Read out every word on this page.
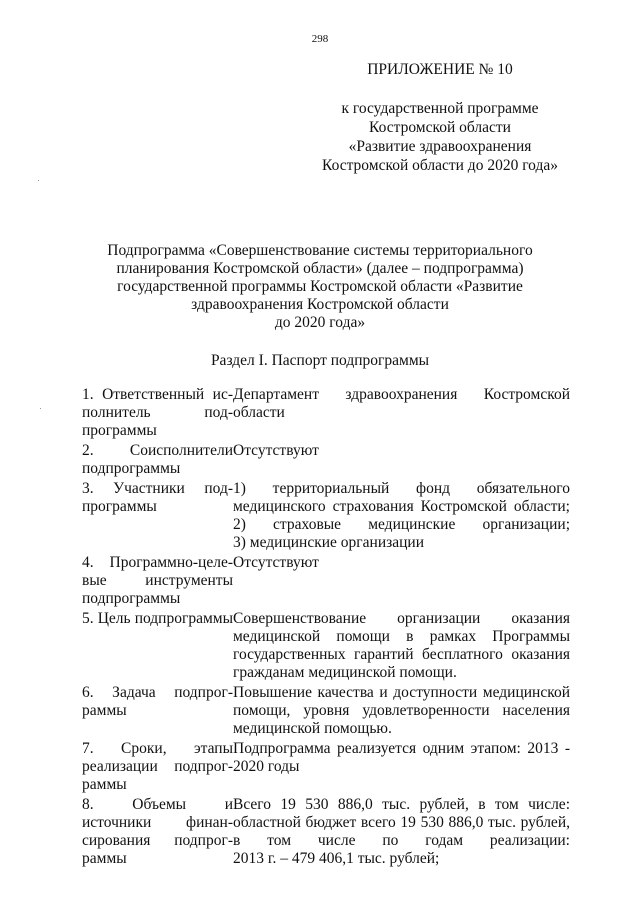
298
ПРИЛОЖЕНИЕ № 10
к государственной программе
Костромской области
«Развитие здравоохранения
Костромской области до 2020 года»
Подпрограмма «Совершенствование системы территориального
планирования Костромской области» (далее – подпрограмма)
государственной программы Костромской области «Развитие
здравоохранения Костромской области
до 2020 года»
Раздел I. Паспорт подпрограммы
1. Ответственный ис-
полнитель под-
программы
Департамент здравоохранения Костромской
области
2. Соисполнители
подпрограммы
Отсутствуют
3. Участники под-
программы
1) территориальный фонд обязательного
медицинского страхования Костромской области;
2) страховые медицинские организации;
3) медицинские организации
4. Программно-целе-
вые инструменты
подпрограммы
Отсутствуют
5. Цель подпрограммы Совершенствование организации оказания
медицинской помощи в рамках Программы
государственных гарантий бесплатного оказания
гражданам медицинской помощи.
6. Задача подпрог-
раммы
Повышение качества и доступности медицинской
помощи, уровня удовлетворенности населения
медицинской помощью.
7. Сроки, этапы
реализации подпрог-
раммы
Подпрограмма реализуется одним этапом: 2013 -
2020 годы
8. Объемы и
источники финан-
сирования подпрог-
раммы
Всего 19 530 886,0 тыс. рублей, в том числе:
областной бюджет всего 19 530 886,0 тыс. рублей,
в том числе по годам реализации:
2013 г. – 479 406,1 тыс. рублей;
